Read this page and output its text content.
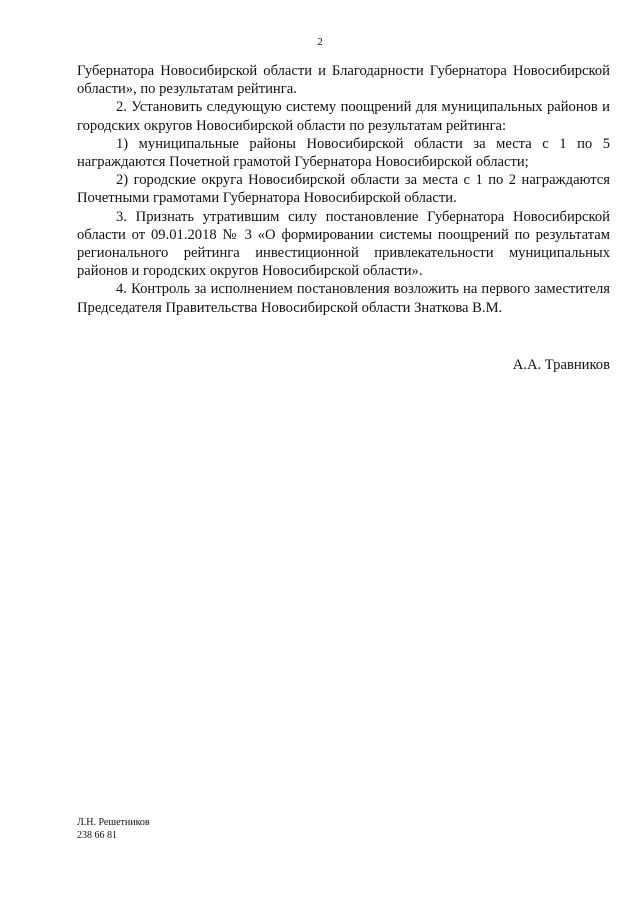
2

Губернатора Новосибирской области и Благодарности Губернатора Новосибирской области», по результатам рейтинга.

2. Установить следующую систему поощрений для муниципальных районов и городских округов Новосибирской области по результатам рейтинга:

1) муниципальные районы Новосибирской области за места с 1 по 5 награждаются Почетной грамотой Губернатора Новосибирской области;

2) городские округа Новосибирской области за места с 1 по 2 награждаются Почетными грамотами Губернатора Новосибирской области.

3. Признать утратившим силу постановление Губернатора Новосибирской области от 09.01.2018 № 3 «О формировании системы поощрений по результатам регионального рейтинга инвестиционной привлекательности муниципальных районов и городских округов Новосибирской области».

4. Контроль за исполнением постановления возложить на первого заместителя Председателя Правительства Новосибирской области Знаткова В.М.

А.А. Травников
Л.Н. Решетников
238 66 81
